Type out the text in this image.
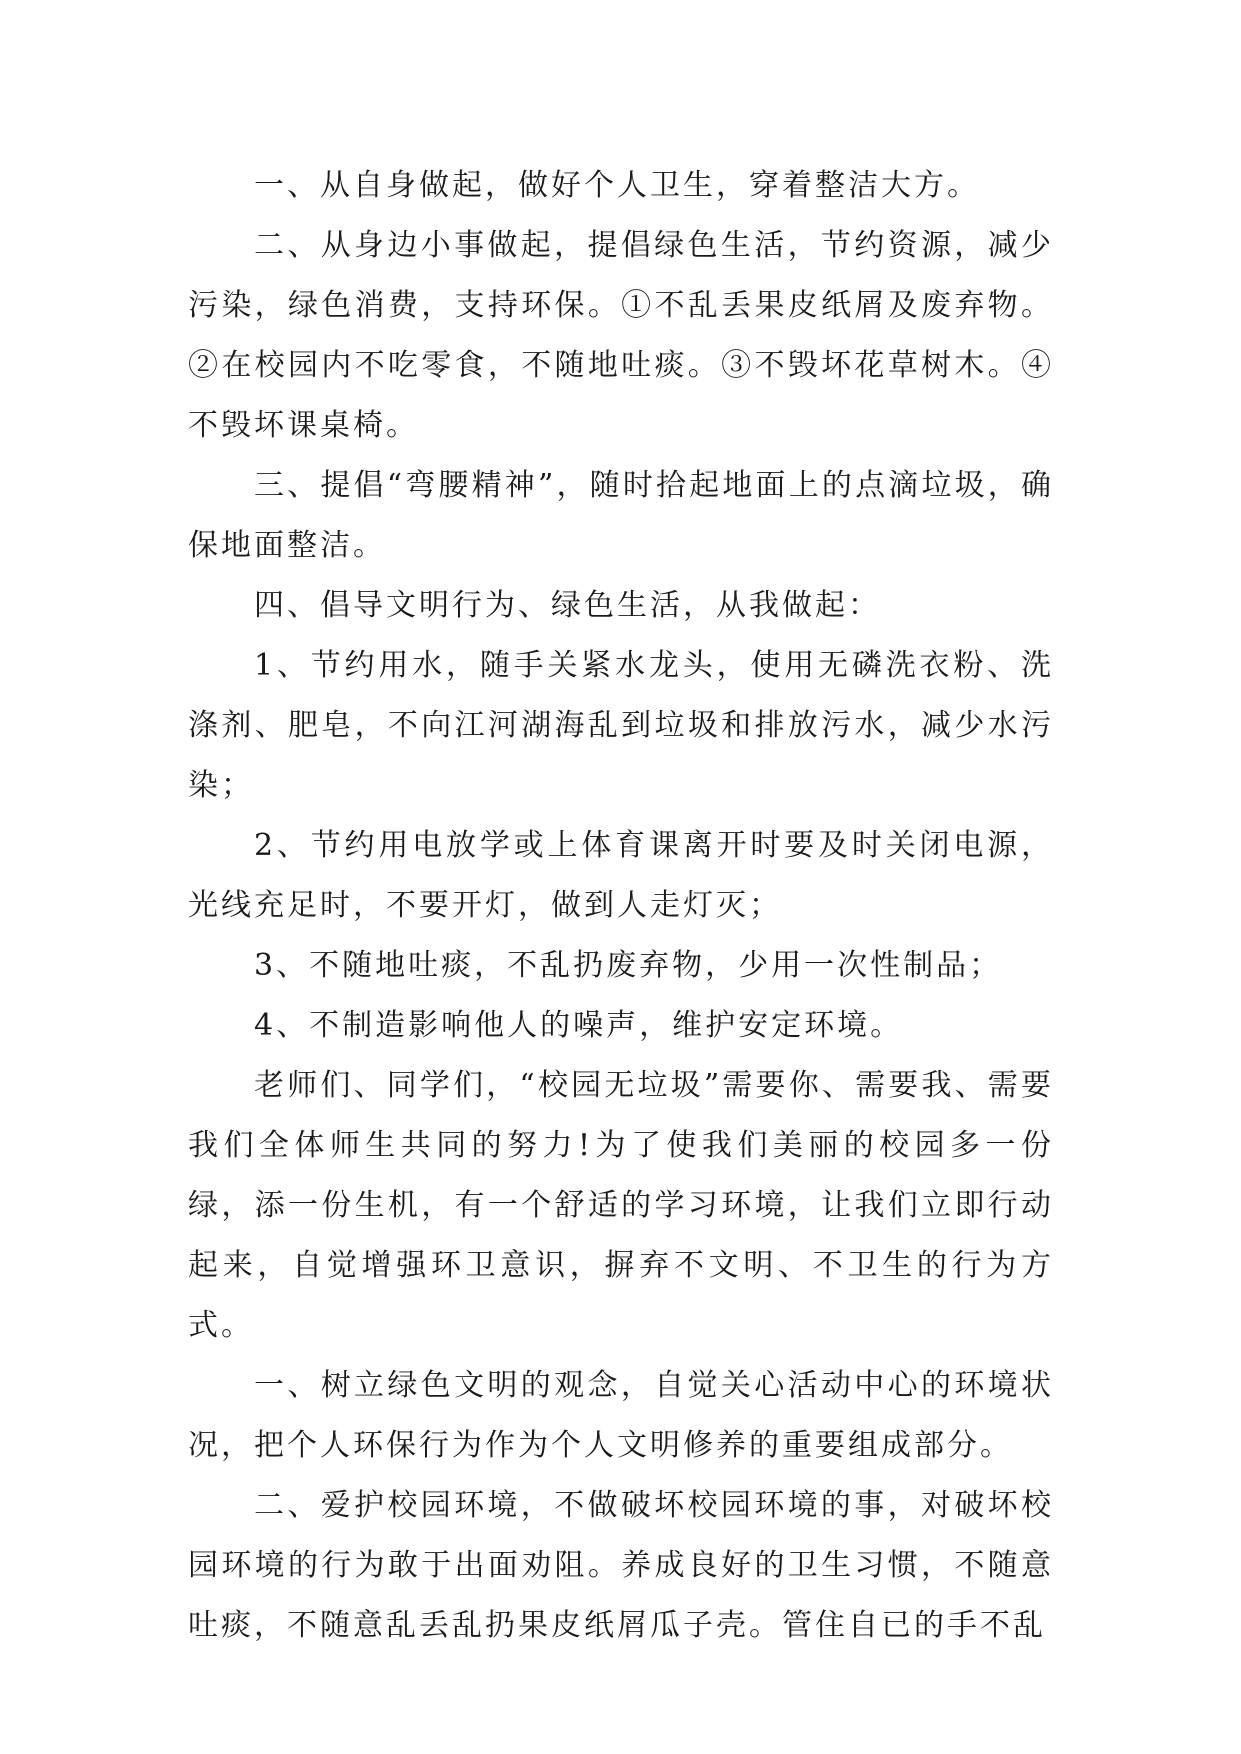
一、从自身做起，做好个人卫生，穿着整洁大方。

二、从身边小事做起，提倡绿色生活，节约资源，减少污染，绿色消费，支持环保。①不乱丢果皮纸屑及废弃物。②在校园内不吃零食，不随地吐痰。③不毁坏花草树木。④不毁坏课桌椅。

三、提倡“弯腰精神”，随时拾起地面上的点滴垃圾，确保地面整洁。

四、倡导文明行为、绿色生活，从我做起：

1、节约用水，随手关紧水龙头，使用无磷洗衣粉、洗涤剂、肥皂，不向江河湖海乱到垃圾和排放污水，减少水污染；

2、节约用电放学或上体育课离开时要及时关闭电源，光线充足时，不要开灯，做到人走灯灭；

3、不随地吐痰，不乱扔废弃物，少用一次性制品；

4、不制造影响他人的噪声，维护安定环境。

老师们、同学们，“校园无垃圾”需要你、需要我、需要我们全体师生共同的努力!为了使我们美丽的校园多一份绿，添一份生机，有一个舒适的学习环境，让我们立即行动起来，自觉增强环卫意识，摒弃不文明、不卫生的行为方式。

一、树立绿色文明的观念，自觉关心活动中心的环境状况，把个人环保行为作为个人文明修养的重要组成部分。

二、爱护校园环境，不做破坏校园环境的事，对破坏校园环境的行为敢于出面劝阻。养成良好的卫生习惯，不随意吐痰，不随意乱丢乱扔果皮纸屑瓜子壳。管住自已的手不乱
